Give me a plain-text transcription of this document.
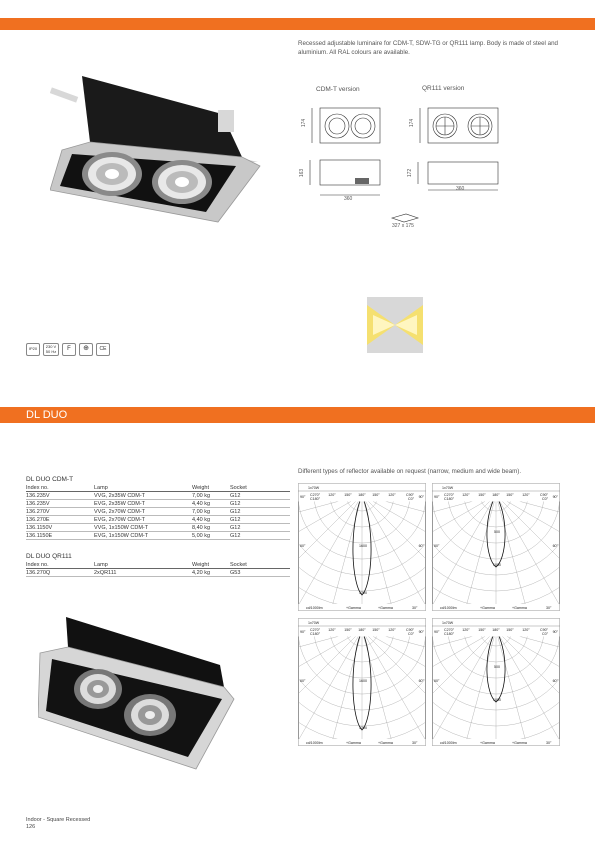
Recessed adjustable luminaire for CDM-T, SDW-TG or QR111 lamp. Body is made of steel and aluminium. All RAL colours are available.
CDM-T version	QR111 version
174	174
163	172
360
360
327 x 175
IP20	230 V 50 Hz	F	⊕	CE
DL DUO
DL DUO CDM-T
Index no.	Lamp	Weight	Socket
136.235V	VVG, 2x35W CDM-T	7,00 kg	G12
136.235V	EVG, 2x35W CDM-T	4,40 kg	G12
136.270V	VVG, 2x70W CDM-T	7,00 kg	G12
136.270E	EVG, 2x70W CDM-T	4,40 kg	G12
136.1150V	VVG, 1x150W CDM-T	8,40 kg	G12
136.1150E	EVG, 1x150W CDM-T	5,00 kg	G12
DL DUO QR111
Index no.	Lamp	Weight	Socket
136.270Q	2xQR111	4,20 kg	G53
Different types of reflector available on request (narrow, medium and wide beam).
1x70W
120° 150° 180° 150° 120°
90°	90°
C270°
C180°
C90°
C0°
60°	60°
1600
3200
cd/1000lm	+Gamma	+Gamma	30°
1x70W
120° 150° 180° 150° 120°
90°	90°
C270°
C180°
C90°
C0°
60°	60°
500
1000
cd/1000lm	+Gamma	+Gamma	30°
1x70W
120° 150° 180° 150° 120°
90°	90°
C270°
C180°
C90°
C0°
60°	60°
1600
3200
cd/1000lm	+Gamma	+Gamma	30°
1x70W
120° 150° 180° 150° 120°
90°	90°
C270°
C180°
C90°
C0°
60°	60°
500
1000
cd/1000lm	+Gamma	+Gamma	30°
Indoor - Square Recessed
126
